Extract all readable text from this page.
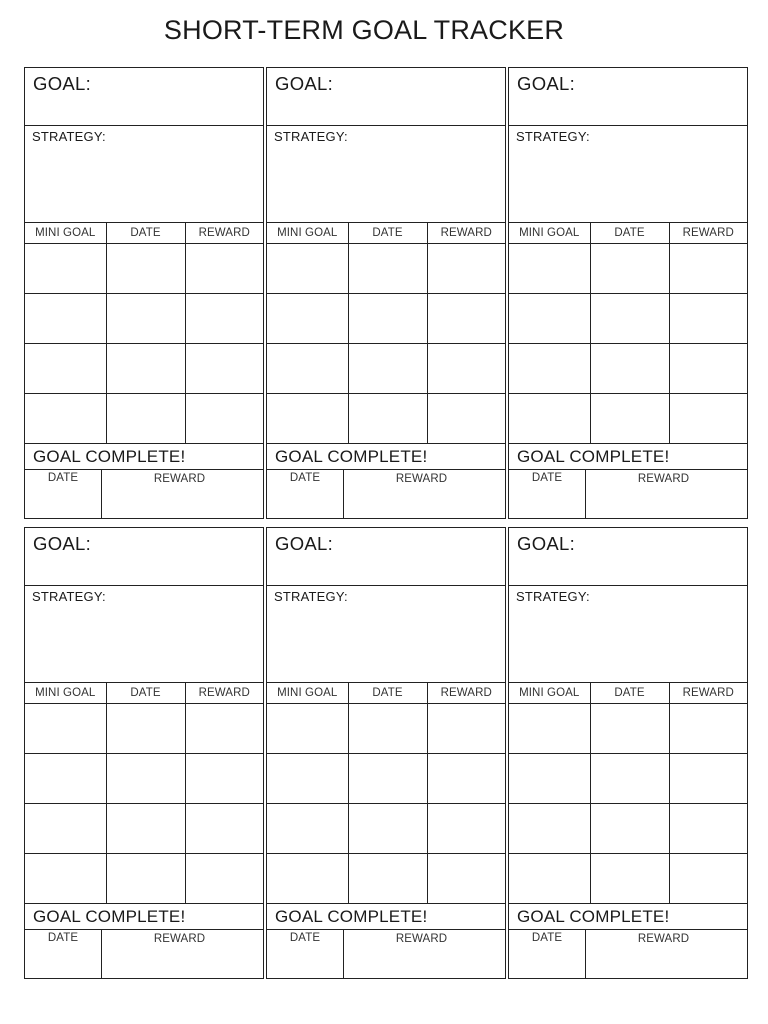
SHORT-TERM GOAL TRACKER
GOAL:
STRATEGY:
MINI GOAL	DATE	REWARD

GOAL COMPLETE!
DATE	REWARD
GOAL:
STRATEGY:
MINI GOAL	DATE	REWARD

GOAL COMPLETE!
DATE	REWARD
GOAL:
STRATEGY:
MINI GOAL	DATE	REWARD

GOAL COMPLETE!
DATE	REWARD
GOAL:
STRATEGY:
MINI GOAL	DATE	REWARD

GOAL COMPLETE!
DATE	REWARD
GOAL:
STRATEGY:
MINI GOAL	DATE	REWARD

GOAL COMPLETE!
DATE	REWARD
GOAL:
STRATEGY:
MINI GOAL	DATE	REWARD

GOAL COMPLETE!
DATE	REWARD
